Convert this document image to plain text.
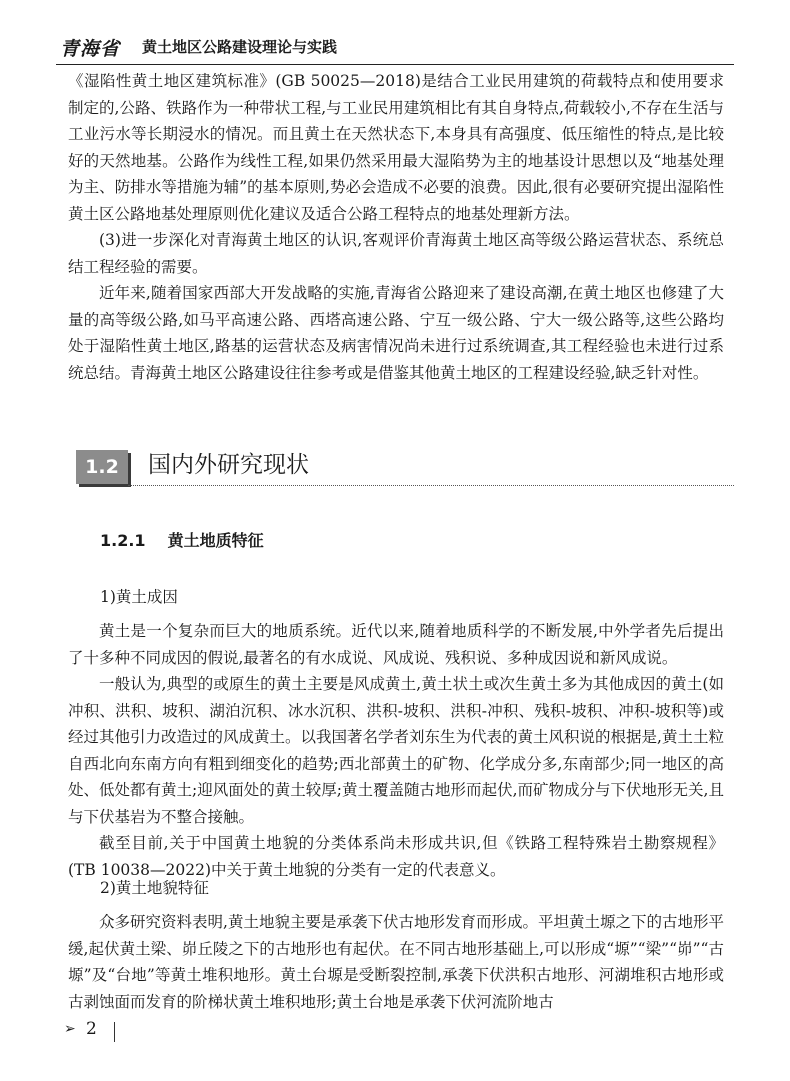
青海省 黄土地区公路建设理论与实践

《湿陷性黄土地区建筑标准》(GB 50025—2018)是结合工业民用建筑的荷载特点和使用要求制定的,公路、铁路作为一种带状工程,与工业民用建筑相比有其自身特点,荷载较小,不存在生活与工业污水等长期浸水的情况。而且黄土在天然状态下,本身具有高强度、低压缩性的特点,是比较好的天然地基。公路作为线性工程,如果仍然采用最大湿陷势为主的地基设计思想以及“地基处理为主、防排水等措施为辅”的基本原则,势必会造成不必要的浪费。因此,很有必要研究提出湿陷性黄土区公路地基处理原则优化建议及适合公路工程特点的地基处理新方法。

(3)进一步深化对青海黄土地区的认识,客观评价青海黄土地区高等级公路运营状态、系统总结工程经验的需要。

近年来,随着国家西部大开发战略的实施,青海省公路迎来了建设高潮,在黄土地区也修建了大量的高等级公路,如马平高速公路、西塔高速公路、宁互一级公路、宁大一级公路等,这些公路均处于湿陷性黄土地区,路基的运营状态及病害情况尚未进行过系统调查,其工程经验也未进行过系统总结。青海黄土地区公路建设往往参考或是借鉴其他黄土地区的工程建设经验,缺乏针对性。

1.2	国内外研究现状
1.2.1 黄土地质特征
1)黄土成因

黄土是一个复杂而巨大的地质系统。近代以来,随着地质科学的不断发展,中外学者先后提出了十多种不同成因的假说,最著名的有水成说、风成说、残积说、多种成因说和新风成说。

一般认为,典型的或原生的黄土主要是风成黄土,黄土状土或次生黄土多为其他成因的黄土(如冲积、洪积、坡积、湖泊沉积、冰水沉积、洪积-坡积、洪积-冲积、残积-坡积、冲积-坡积等)或经过其他引力改造过的风成黄土。以我国著名学者刘东生为代表的黄土风积说的根据是,黄土土粒自西北向东南方向有粗到细变化的趋势;西北部黄土的矿物、化学成分多,东南部少;同一地区的高处、低处都有黄土;迎风面处的黄土较厚;黄土覆盖随古地形而起伏,而矿物成分与下伏地形无关,且与下伏基岩为不整合接触。

截至目前,关于中国黄土地貌的分类体系尚未形成共识,但《铁路工程特殊岩土勘察规程》(TB 10038—2022)中关于黄土地貌的分类有一定的代表意义。

2)黄土地貌特征

众多研究资料表明,黄土地貌主要是承袭下伏古地形发育而形成。平坦黄土塬之下的古地形平缓,起伏黄土梁、峁丘陵之下的古地形也有起伏。在不同古地形基础上,可以形成“塬”“梁”“峁”“古塬”及“台地”等黄土堆积地形。黄土台塬是受断裂控制,承袭下伏洪积古地形、河湖堆积古地形或古剥蚀面而发育的阶梯状黄土堆积地形;黄土台地是承袭下伏河流阶地古

➢ 2
